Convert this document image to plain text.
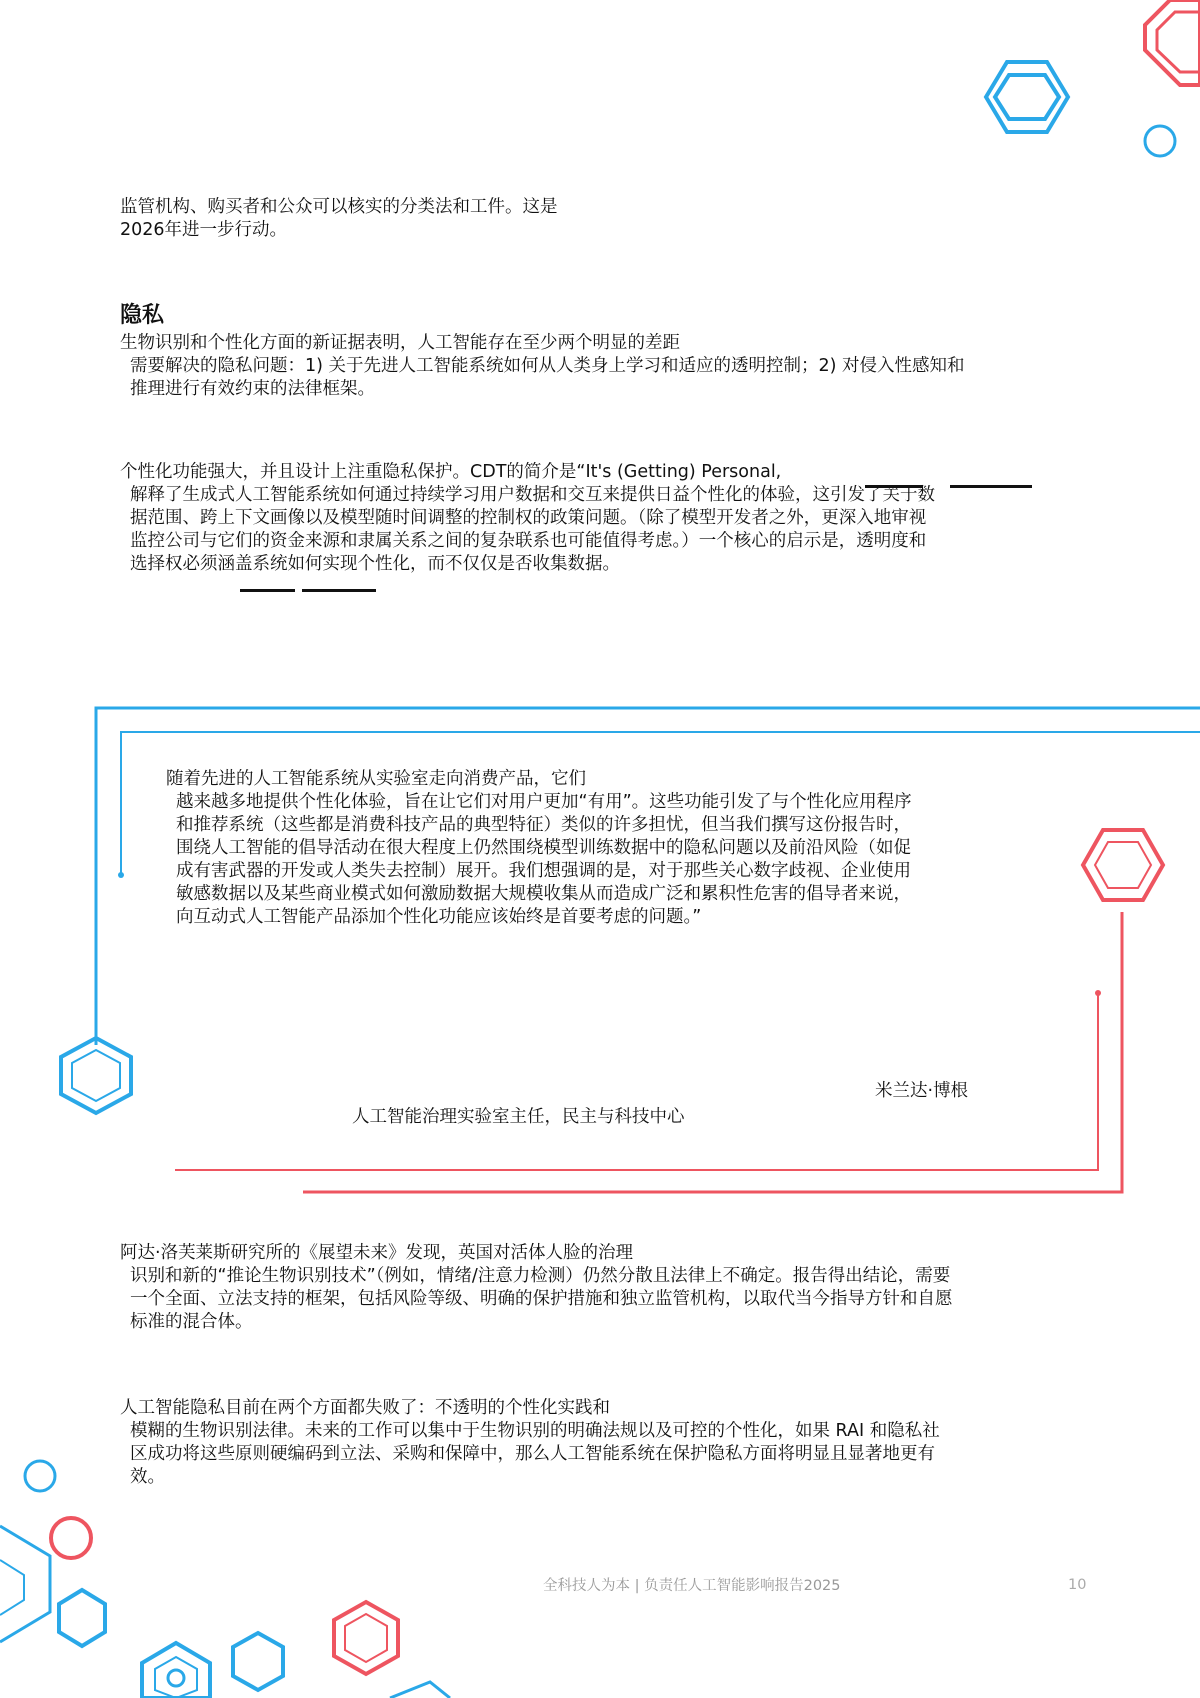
监管机构、购买者和公众可以核实的分类法和工件。这是
2026年进一步行动。
隐私
生物识别和个性化方面的新证据表明，人工智能存在至少两个明显的差距
需要解决的隐私问题：1) 关于先进人工智能系统如何从人类身上学习和适应的透明控制；2) 对侵入性感知和
推理进行有效约束的法律框架。
个性化功能强大，并且设计上注重隐私保护。CDT的简介是“It's (Getting) Personal,
解释了生成式人工智能系统如何通过持续学习用户数据和交互来提供日益个性化的体验，这引发了关于数
据范围、跨上下文画像以及模型随时间调整的控制权的政策问题。（除了模型开发者之外，更深入地审视
监控公司与它们的资金来源和隶属关系之间的复杂联系也可能值得考虑。）一个核心的启示是，透明度和
选择权必须涵盖系统如何实现个性化，而不仅仅是否收集数据。
随着先进的人工智能系统从实验室走向消费产品，它们
越来越多地提供个性化体验，旨在让它们对用户更加“有用”。这些功能引发了与个性化应用程序
和推荐系统（这些都是消费科技产品的典型特征）类似的许多担忧，但当我们撰写这份报告时，
围绕人工智能的倡导活动在很大程度上仍然围绕模型训练数据中的隐私问题以及前沿风险（如促
成有害武器的开发或人类失去控制）展开。我们想强调的是，对于那些关心数字歧视、企业使用
敏感数据以及某些商业模式如何激励数据大规模收集从而造成广泛和累积性危害的倡导者来说，
向互动式人工智能产品添加个性化功能应该始终是首要考虑的问题。”
米兰达·博根
人工智能治理实验室主任，民主与科技中心
阿达·洛芙莱斯研究所的《展望未来》发现，英国对活体人脸的治理
识别和新的“推论生物识别技术”（例如，情绪/注意力检测）仍然分散且法律上不确定。报告得出结论，需要
一个全面、立法支持的框架，包括风险等级、明确的保护措施和独立监管机构，以取代当今指导方针和自愿
标准的混合体。
人工智能隐私目前在两个方面都失败了：不透明的个性化实践和
模糊的生物识别法律。未来的工作可以集中于生物识别的明确法规以及可控的个性化，如果 RAI 和隐私社
区成功将这些原则硬编码到立法、采购和保障中，那么人工智能系统在保护隐私方面将明显且显著地更有
效。
全科技人为本 | 负责任人工智能影响报告2025	10
